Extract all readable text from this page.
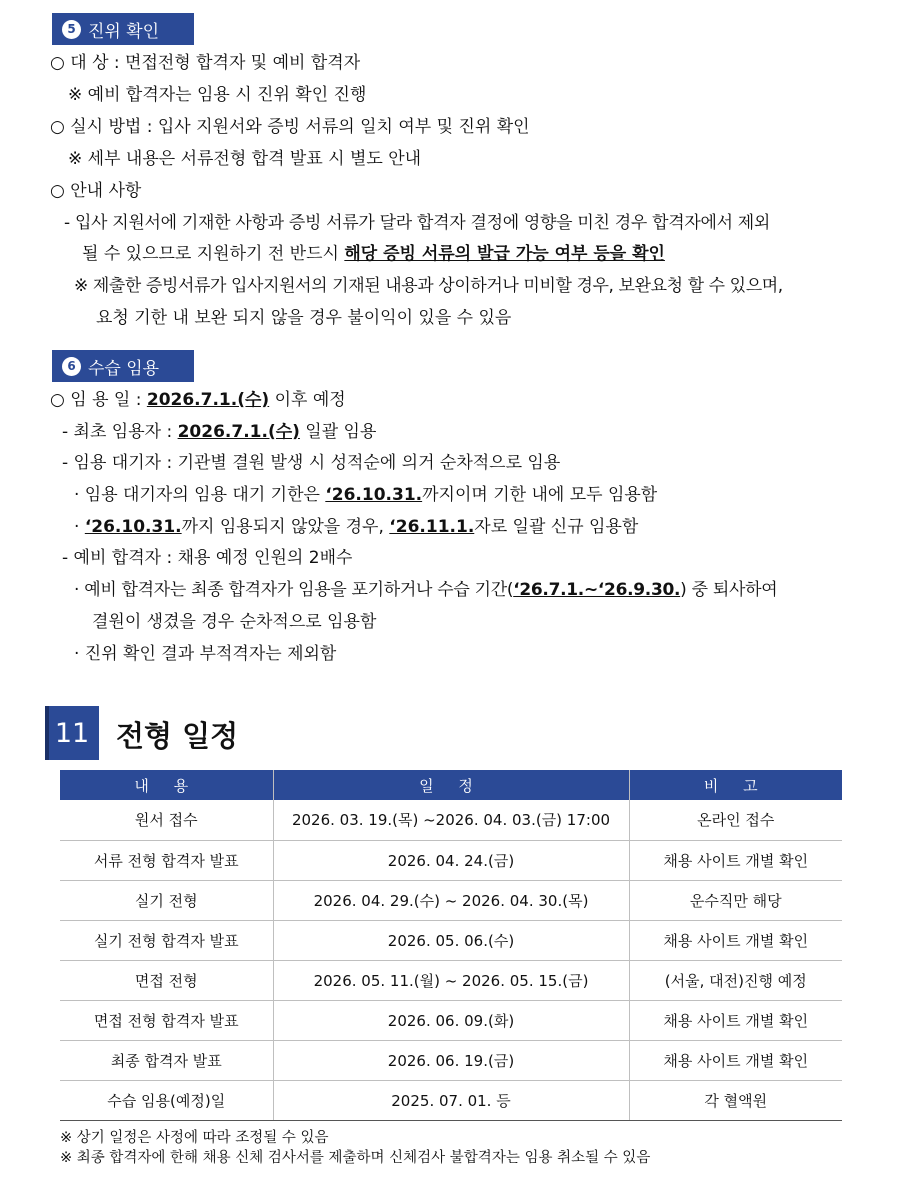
5 진위 확인
○ 대 상 : 면접전형 합격자 및 예비 합격자
※ 예비 합격자는 임용 시 진위 확인 진행
○ 실시 방법 : 입사 지원서와 증빙 서류의 일치 여부 및 진위 확인
※ 세부 내용은 서류전형 합격 발표 시 별도 안내
○ 안내 사항
- 입사 지원서에 기재한 사항과 증빙 서류가 달라 합격자 결정에 영향을 미친 경우 합격자에서 제외
될 수 있으므로 지원하기 전 반드시 해당 증빙 서류의 발급 가능 여부 등을 확인
※ 제출한 증빙서류가 입사지원서의 기재된 내용과 상이하거나 미비할 경우, 보완요청 할 수 있으며,
요청 기한 내 보완 되지 않을 경우 불이익이 있을 수 있음
6 수습 임용
○ 임 용 일 : 2026.7.1.(수) 이후 예정
- 최초 임용자 : 2026.7.1.(수) 일괄 임용
- 임용 대기자 : 기관별 결원 발생 시 성적순에 의거 순차적으로 임용
· 임용 대기자의 임용 대기 기한은 ‘26.10.31.까지이며 기한 내에 모두 임용함
· ‘26.10.31.까지 임용되지 않았을 경우, ‘26.11.1.자로 일괄 신규 임용함
- 예비 합격자 : 채용 예정 인원의 2배수
· 예비 합격자는 최종 합격자가 임용을 포기하거나 수습 기간(‘26.7.1.~‘26.9.30.) 중 퇴사하여
결원이 생겼을 경우 순차적으로 임용함
· 진위 확인 결과 부적격자는 제외함
11 전형 일정
내 용	일 정	비 고
원서 접수	2026. 03. 19.(목) ~2026. 04. 03.(금) 17:00	온라인 접수
서류 전형 합격자 발표	2026. 04. 24.(금)	채용 사이트 개별 확인
실기 전형	2026. 04. 29.(수) ~ 2026. 04. 30.(목)	운수직만 해당
실기 전형 합격자 발표	2026. 05. 06.(수)	채용 사이트 개별 확인
면접 전형	2026. 05. 11.(월) ~ 2026. 05. 15.(금)	(서울, 대전)진행 예정
면접 전형 합격자 발표	2026. 06. 09.(화)	채용 사이트 개별 확인
최종 합격자 발표	2026. 06. 19.(금)	채용 사이트 개별 확인
수습 임용(예정)일	2025. 07. 01. 등	각 혈액원
※ 상기 일정은 사정에 따라 조정될 수 있음
※ 최종 합격자에 한해 채용 신체 검사서를 제출하며 신체검사 불합격자는 임용 취소될 수 있음
